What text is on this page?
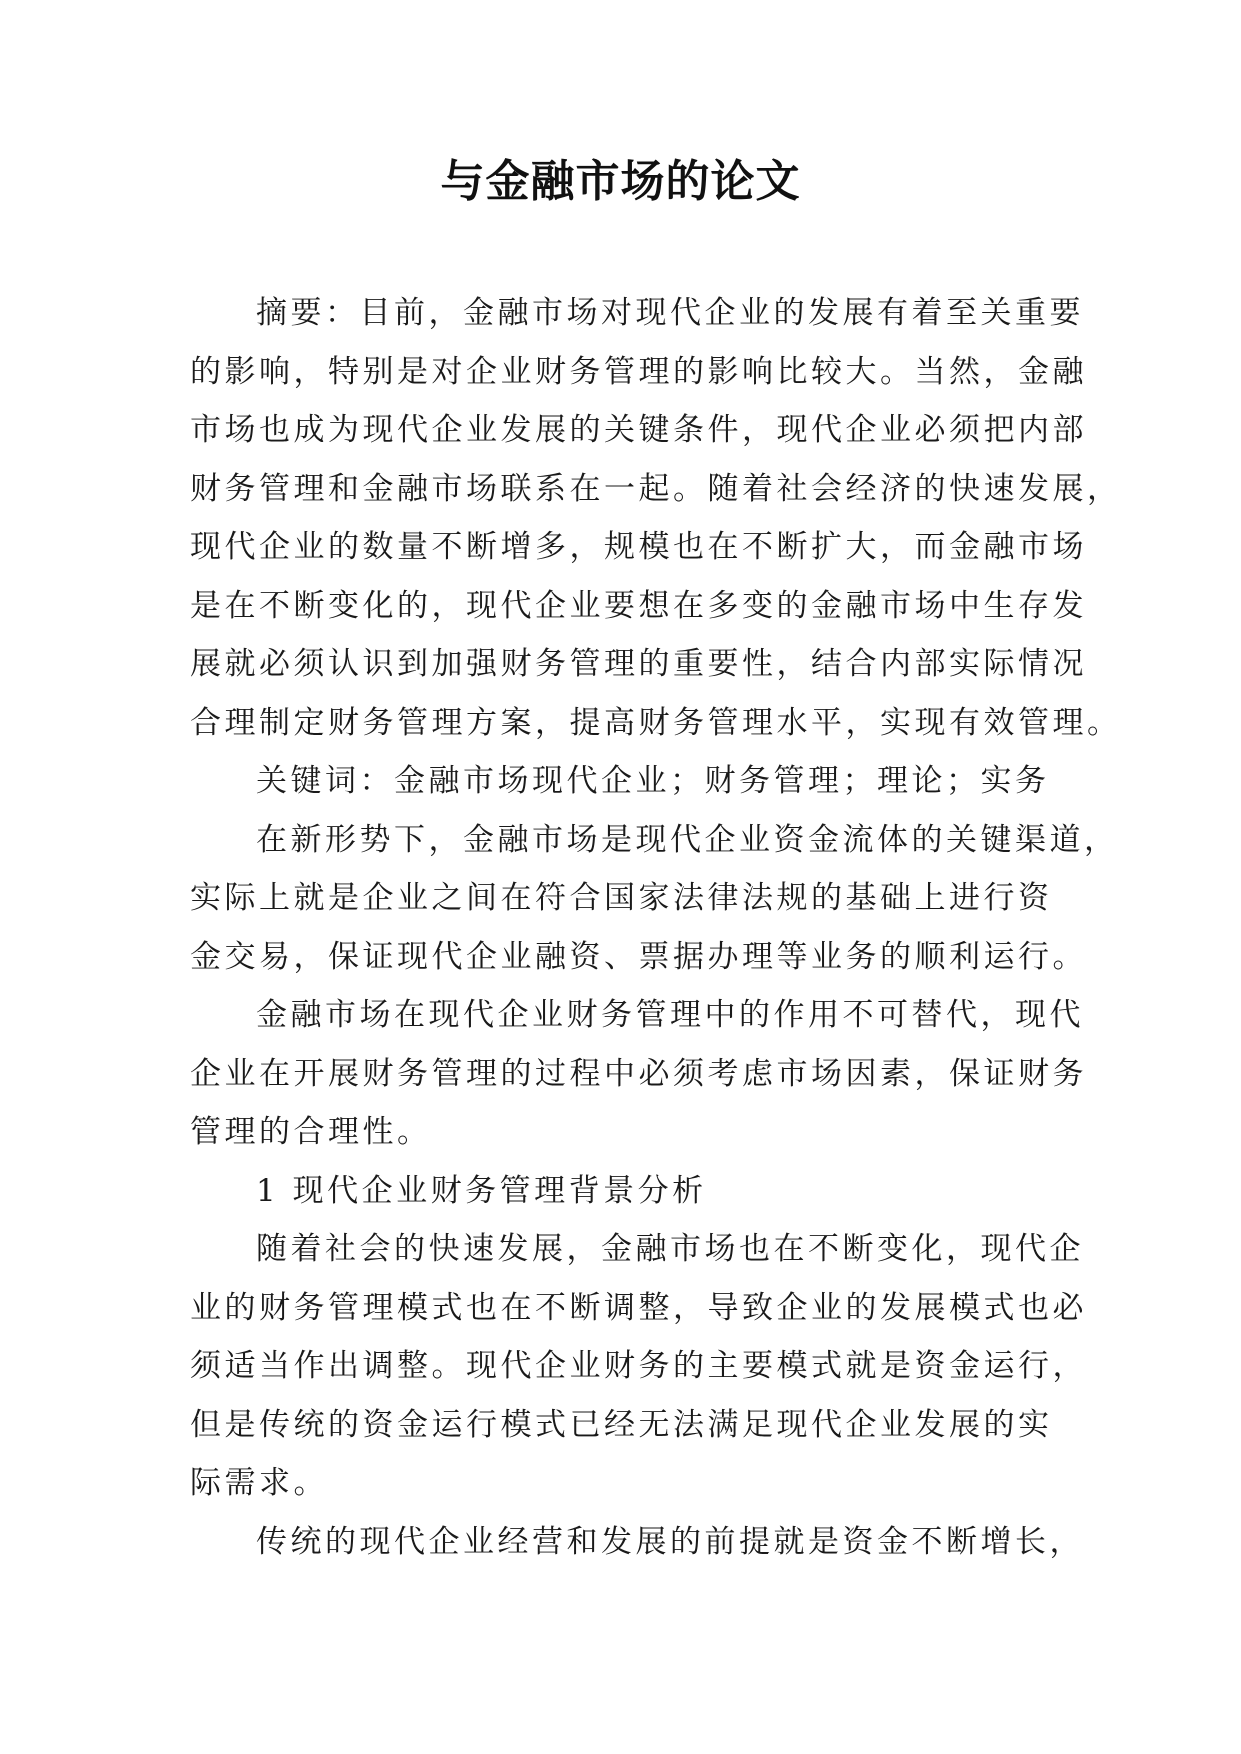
与金融市场的论文
摘要：目前，金融市场对现代企业的发展有着至关重要
的影响，特别是对企业财务管理的影响比较大。当然，金融
市场也成为现代企业发展的关键条件，现代企业必须把内部
财务管理和金融市场联系在一起。随着社会经济的快速发展，
现代企业的数量不断增多，规模也在不断扩大，而金融市场
是在不断变化的，现代企业要想在多变的金融市场中生存发
展就必须认识到加强财务管理的重要性，结合内部实际情况
合理制定财务管理方案，提高财务管理水平，实现有效管理。
关键词：金融市场现代企业；财务管理；理论；实务
在新形势下，金融市场是现代企业资金流体的关键渠道，
实际上就是企业之间在符合国家法律法规的基础上进行资
金交易，保证现代企业融资、票据办理等业务的顺利运行。
金融市场在现代企业财务管理中的作用不可替代，现代
企业在开展财务管理的过程中必须考虑市场因素，保证财务
管理的合理性。
1 现代企业财务管理背景分析
随着社会的快速发展，金融市场也在不断变化，现代企
业的财务管理模式也在不断调整，导致企业的发展模式也必
须适当作出调整。现代企业财务的主要模式就是资金运行，
但是传统的资金运行模式已经无法满足现代企业发展的实
际需求。
传统的现代企业经营和发展的前提就是资金不断增长，
